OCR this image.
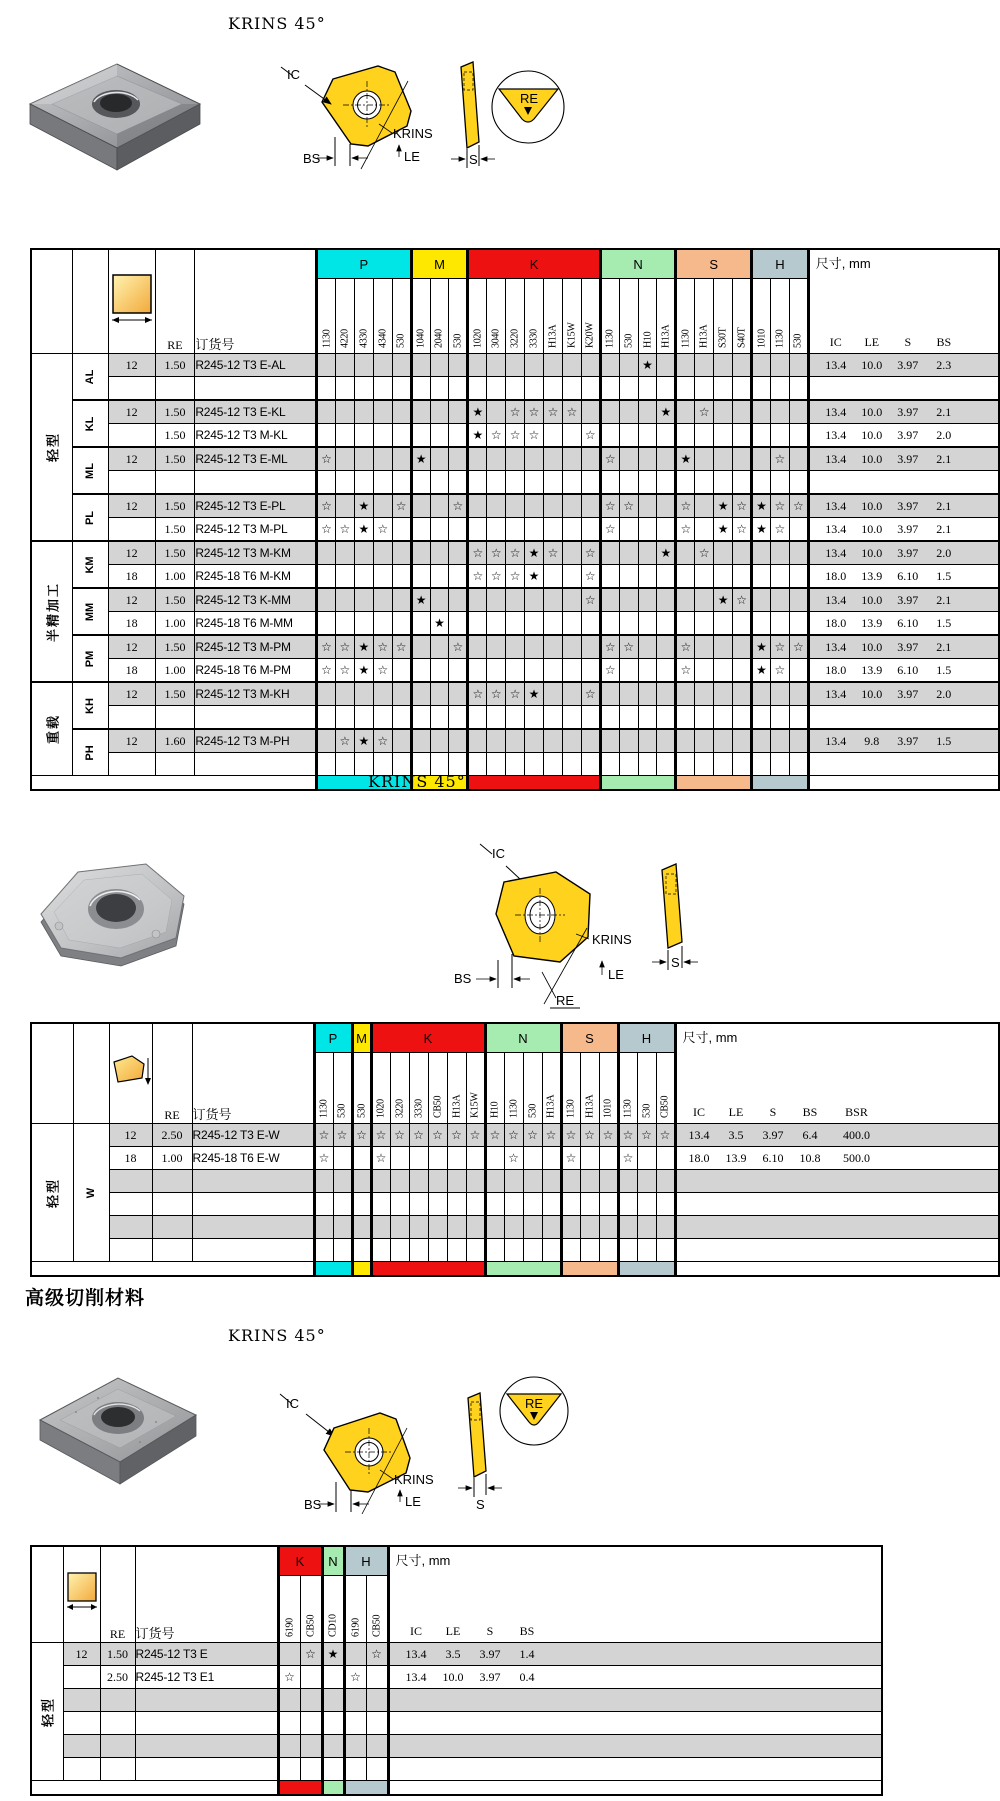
KRINS 45°
IC
KRINS
LE
BS	S
RE
			RE	订货号	P					M			K							N				S				H			尺寸, mm
IC LE S BS

					1130	4220	4330	4340	530	1040	2040	530	1020	3040	3220	3330	H13A	K15W	K20W	1130	530	H10	H13A	1130	H13A	S30T	S40T	1010	1130	530	

轻型	AL	12	1.50	R245-12 T3 E-AL																		★									13.4 10.0 3.97 2.3

	KL	12	1.50	R245-12 T3 E-KL									★		☆	☆	☆	☆					★		☆						13.4 10.0 3.97 2.1

			1.50	R245-12 T3 M-KL									★	☆	☆	☆			☆												13.4 10.0 3.97 2.0

	ML	12	1.50	R245-12 T3 E-ML	☆					★										☆				★					☆		13.4 10.0 3.97 2.1

	PL	12	1.50	R245-12 T3 E-PL	☆		★		☆			☆								☆	☆			☆		★	☆	★	☆	☆	13.4 10.0 3.97 2.1

			1.50	R245-12 T3 M-PL	☆	☆	★	☆												☆				☆		★	☆	★	☆		13.4 10.0 3.97 2.1

半精加工	KM	12	1.50	R245-12 T3 M-KM									☆	☆	☆	★	☆		☆				★		☆						13.4 10.0 3.97 2.0

		18	1.00	R245-18 T6 M-KM									☆	☆	☆	★			☆												18.0 13.9 6.10 1.5

	MM	12	1.50	R245-12 T3 K-MM						★									☆							★	☆				13.4 10.0 3.97 2.1

		18	1.00	R245-18 T6 M-MM							★																				18.0 13.9 6.10 1.5

	PM	12	1.50	R245-12 T3 M-PM	☆	☆	★	☆	☆			☆								☆	☆			☆				★	☆	☆	13.4 10.0 3.97 2.1

		18	1.00	R245-18 T6 M-PM	☆	☆	★	☆												☆				☆				★	☆		18.0 13.9 6.10 1.5

重载	KH	12	1.50	R245-12 T3 M-KH									☆	☆	☆	★			☆												13.4 10.0 3.97 2.0

	PH	12	1.60	R245-12 T3 M-PH		☆	★	☆																							13.4 9.8 3.97 1.5

KRINS 45°
IC
KRINS
LE
BS
RE
S
			RE	订货号	P	M	K	N	S	H	尺寸, mm
IC	LE	S	BS	BSR

					1130	530	530	1020	3220	3330	CB50	H13A	K15W	H10	1130	530	H13A	1130	H13A	1010	1130	530	CB50	

轻型	W	12	2.50	R245-12 T3 E-W	☆	☆	☆	☆	☆	☆	☆	☆	☆	☆	☆	☆	☆	☆	☆	☆	☆	☆	☆	13.4 3.5 3.97 6.4 400.0

		18	1.00	R245-18 T6 E-W	☆			☆							☆			☆			☆			18.0 13.9 6.10 10.8 500.0

高级切削材料
KRINS 45°
IC
KRINS
LE
BS	S
RE
		RE	订货号	K		N	H		尺寸, mm
IC LE S BS

				6190	CB50	CD10	6190	CB50	

轻型	12	1.50	R245-12 T3 E		☆	★		☆	13.4 3.5 3.97 1.4

		2.50	R245-12 T3 E1	☆			☆		13.4 10.0 3.97 0.4
